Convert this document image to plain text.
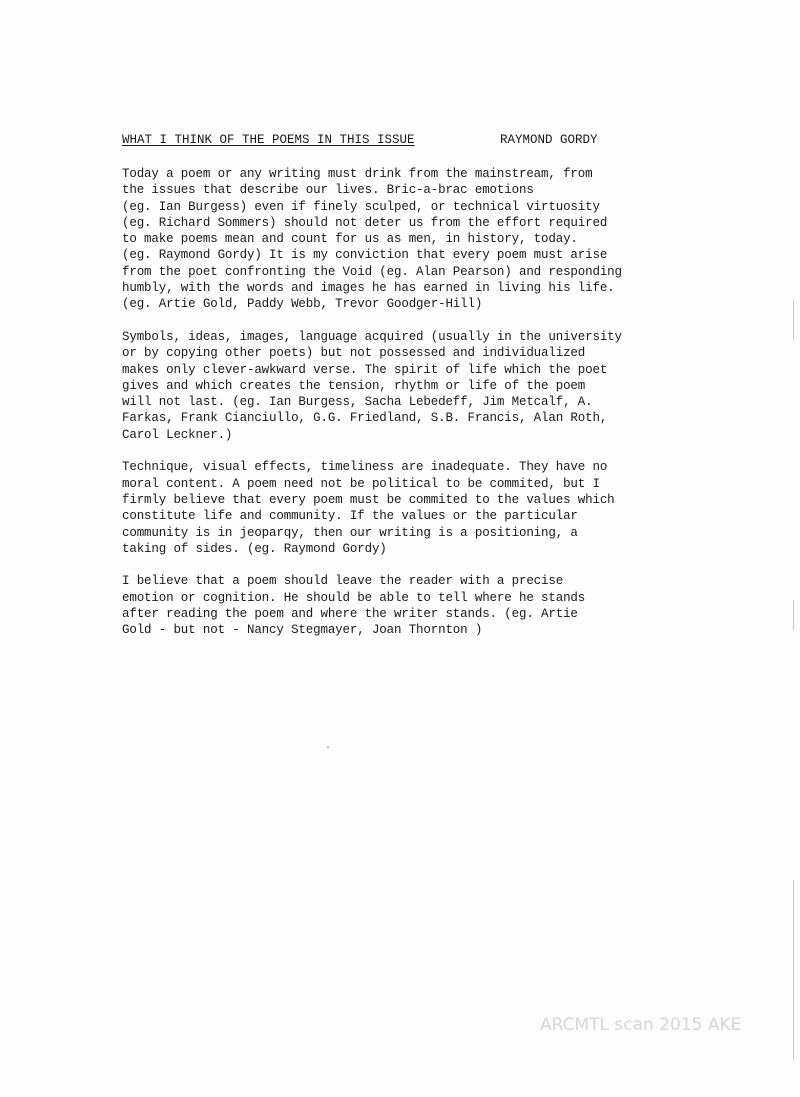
WHAT I THINK OF THE POEMS IN THIS ISSUE	RAYMOND GORDY

Today a poem or any writing must drink from the mainstream, from
the issues that describe our lives. Bric-a-brac emotions
(eg. Ian Burgess) even if finely sculped, or technical virtuosity
(eg. Richard Sommers) should not deter us from the effort required
to make poems mean and count for us as men, in history, today.
(eg. Raymond Gordy) It is my conviction that every poem must arise
from the poet confronting the Void (eg. Alan Pearson) and responding
humbly, with the words and images he has earned in living his life.
(eg. Artie Gold, Paddy Webb, Trevor Goodger-Hill)

Symbols, ideas, images, language acquired (usually in the university
or by copying other poets) but not possessed and individualized
makes only clever-awkward verse. The spirit of life which the poet
gives and which creates the tension, rhythm or life of the poem
will not last. (eg. Ian Burgess, Sacha Lebedeff, Jim Metcalf, A.
Farkas, Frank Cianciullo, G.G. Friedland, S.B. Francis, Alan Roth,
Carol Leckner.)

Technique, visual effects, timeliness are inadequate. They have no
moral content. A poem need not be political to be commited, but I
firmly believe that every poem must be commited to the values which
constitute life and community. If the values or the particular
community is in jeoparqy, then our writing is a positioning, a
taking of sides. (eg. Raymond Gordy)

I believe that a poem should leave the reader with a precise
emotion or cognition. He should be able to tell where he stands
after reading the poem and where the writer stands. (eg. Artie
Gold - but not - Nancy Stegmayer, Joan Thornton )

ARCMTL scan 2015 AKE
